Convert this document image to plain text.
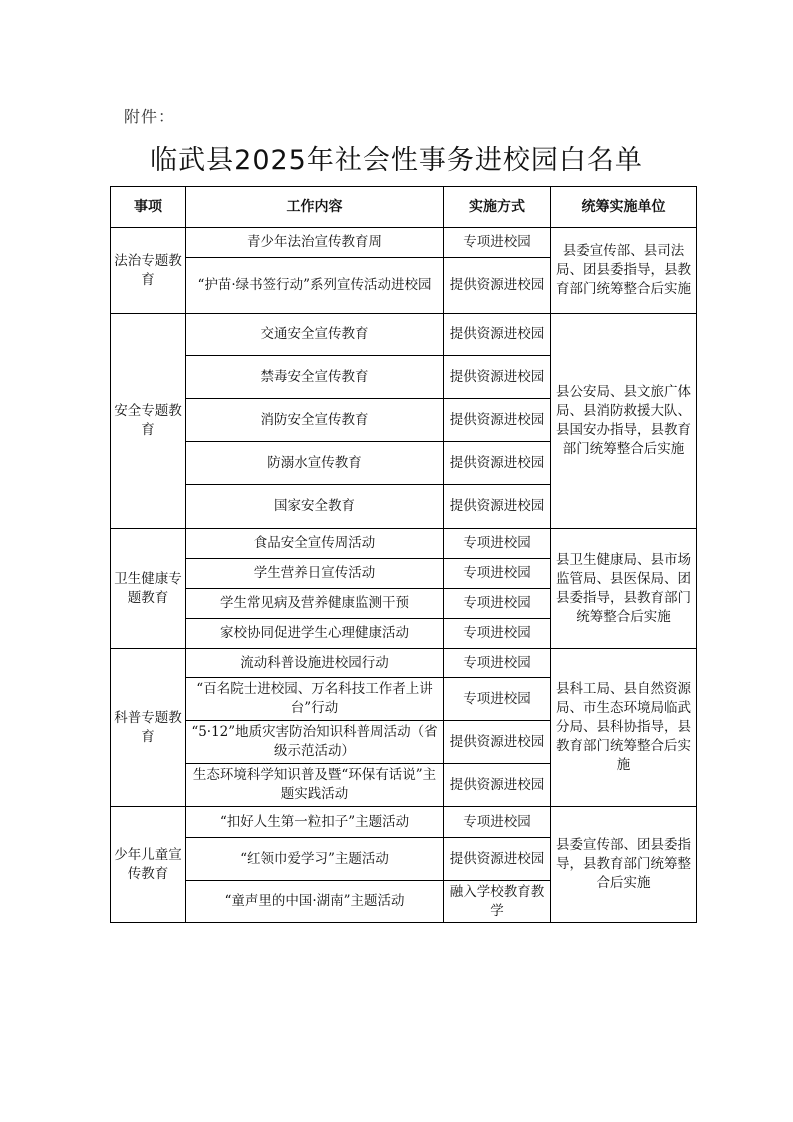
附件：
临武县2025年社会性事务进校园白名单
事项	工作内容	实施方式	统筹实施单位
法治专题教育	青少年法治宣传教育周	专项进校园	县委宣传部、县司法局、团县委指导，县教育部门统筹整合后实施
	“护苗·绿书签行动”系列宣传活动进校园	提供资源进校园	
安全专题教育	交通安全宣传教育	提供资源进校园	县公安局、县文旅广体局、县消防救援大队、县国安办指导，县教育部门统筹整合后实施
	禁毒安全宣传教育	提供资源进校园	
	消防安全宣传教育	提供资源进校园	
	防溺水宣传教育	提供资源进校园	
	国家安全教育	提供资源进校园	
卫生健康专题教育	食品安全宣传周活动	专项进校园	县卫生健康局、县市场监管局、县医保局、团县委指导，县教育部门统筹整合后实施
	学生营养日宣传活动	专项进校园	
	学生常见病及营养健康监测干预	专项进校园	
	家校协同促进学生心理健康活动	专项进校园	
科普专题教育	流动科普设施进校园行动	专项进校园	县科工局、县自然资源局、市生态环境局临武分局、县科协指导，县教育部门统筹整合后实施
	“百名院士进校园、万名科技工作者上讲台”行动	专项进校园	
	“5·12”地质灾害防治知识科普周活动（省级示范活动）	提供资源进校园	
	生态环境科学知识普及暨“环保有话说”主题实践活动	提供资源进校园	
少年儿童宣传教育	“扣好人生第一粒扣子”主题活动	专项进校园	县委宣传部、团县委指导，县教育部门统筹整合后实施
	“红领巾爱学习”主题活动	提供资源进校园	
	“童声里的中国·湖南”主题活动	融入学校教育教学	
